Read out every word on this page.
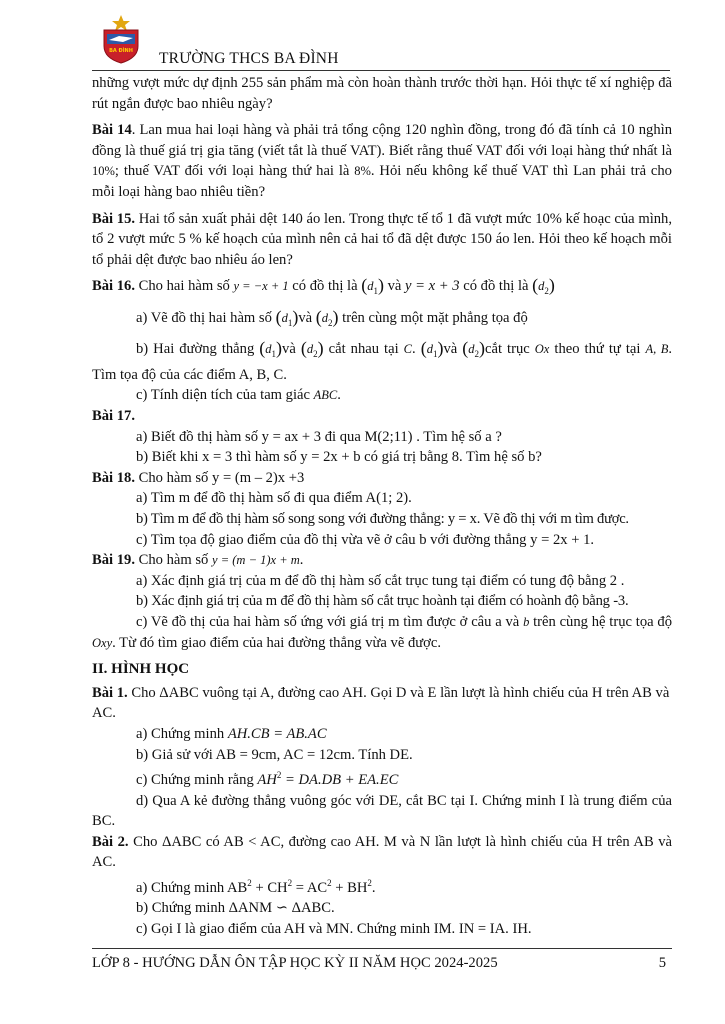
BA ĐÌNH TRƯỜNG THCS BA ĐÌNH

những vượt mức dự định 255 sản phẩm mà còn hoàn thành trước thời hạn. Hỏi thực tế xí nghiệp đã rút ngắn được bao nhiêu ngày?

Bài 14. Lan mua hai loại hàng và phải trả tổng cộng 120 nghìn đồng, trong đó đã tính cả 10 nghìn đồng là thuế giá trị gia tăng (viết tắt là thuế VAT). Biết rằng thuế VAT đối với loại hàng thứ nhất là 10%; thuế VAT đối với loại hàng thứ hai là 8%. Hỏi nếu không kể thuế VAT thì Lan phải trả cho mỗi loại hàng bao nhiêu tiền?

Bài 15. Hai tổ sản xuất phải dệt 140 áo len. Trong thực tế tổ 1 đã vượt mức 10% kế hoạc của mình, tổ 2 vượt mức 5 % kế hoạch của mình nên cả hai tổ đã dệt được 150 áo len. Hỏi theo kế hoạch mỗi tổ phải dệt được bao nhiêu áo len?

Bài 16. Cho hai hàm số y = −x + 1 có đồ thị là $(d_1)$ và y = x + 3 có đồ thị là $(d_2)$

a) Vẽ đồ thị hai hàm số $(d_1)và$ $(d_2)$ trên cùng một mặt phẳng tọa độ

b) Hai đường thẳng $(d_1)và$ $(d_2)$ cắt nhau tại C. $(d_1)và$ $(d_2)cắt$ trục Ox theo thứ tự tại A, B. Tìm tọa độ của các điểm A, B, C.

c) Tính diện tích của tam giác ABC.

Bài 17.

a) Biết đồ thị hàm số y = ax + 3 đi qua M(2;11) . Tìm hệ số a ?

b) Biết khi x = 3 thì hàm số y = 2x + b có giá trị bằng 8. Tìm hệ số b?

Bài 18. Cho hàm số y = (m – 2)x +3

a) Tìm m để đồ thị hàm số đi qua điểm A(1; 2).

b) Tìm m để đồ thị hàm số song song với đường thẳng: y = x. Vẽ đồ thị với m tìm được.

c) Tìm tọa độ giao điểm của đồ thị vừa vẽ ở câu b với đường thẳng y = 2x + 1.

Bài 19. Cho hàm số y = (m − 1)x + m.

a) Xác định giá trị của m để đồ thị hàm số cắt trục tung tại điểm có tung độ bằng 2 .

b) Xác định giá trị của m để đồ thị hàm số cắt trục hoành tại điểm có hoành độ bằng -3.

c) Vẽ đồ thị của hai hàm số ứng với giá trị m tìm được ở câu a và b trên cùng hệ trục tọa độ Oxy. Từ đó tìm giao điểm của hai đường thẳng vừa vẽ được.

II. HÌNH HỌC

Bài 1. Cho ΔABC vuông tại A, đường cao AH. Gọi D và E lần lượt là hình chiếu của H trên AB và AC.

a) Chứng minh AH.CB = AB.AC

b) Giả sử với AB = 9cm, AC = 12cm. Tính DE.

c) Chứng minh rằng $AH^2 = DA.DB + EA.EC$

d) Qua A kẻ đường thẳng vuông góc với DE, cắt BC tại I. Chứng minh I là trung điểm của BC.

Bài 2. Cho ΔABC có AB < AC, đường cao AH. M và N lần lượt là hình chiếu của H trên AB và AC.

a) Chứng minh $AB^2 + CH^2 = AC^2 + BH^2$.

b) Chứng minh ΔANM ∽ ΔABC.

c) Gọi I là giao điểm của AH và MN. Chứng minh IM. IN = IA. IH.

LỚP 8 - HƯỚNG DẪN ÔN TẬP HỌC KỲ II NĂM HỌC 2024-2025	5
